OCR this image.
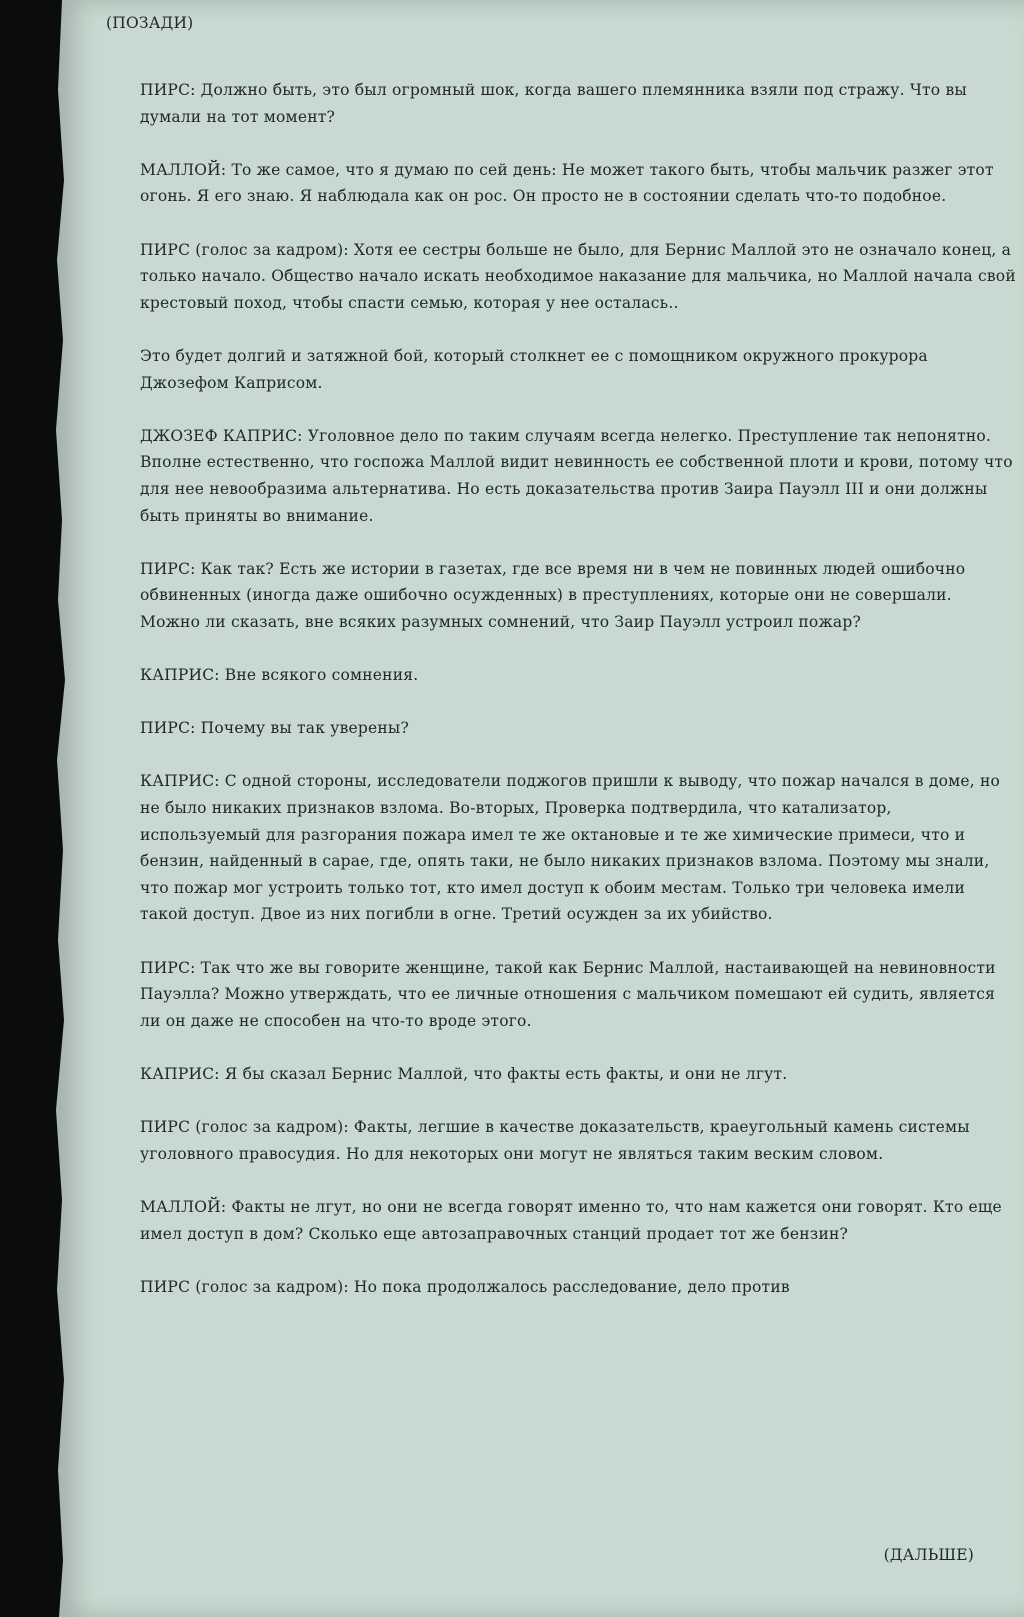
(ПОЗАДИ)

ПИРС: Должно быть, это был огромный шок, когда вашего племянника взяли под стражу. Что вы думали на тот момент?

МАЛЛОЙ: То же самое, что я думаю по сей день: Не может такого быть, чтобы мальчик разжег этот огонь. Я его знаю. Я наблюдала как он рос. Он просто не в состоянии сделать что-то подобное.

ПИРС (голос за кадром): Хотя ее сестры больше не было, для Бернис Маллой это не означало конец, а только начало. Общество начало искать необходимое наказание для мальчика, но Маллой начала свой крестовый поход, чтобы спасти семью, которая у нее осталась..

Это будет долгий и затяжной бой, который столкнет ее с помощником окружного прокурора Джозефом Каприсом.

ДЖОЗЕФ КАПРИС: Уголовное дело по таким случаям всегда нелегко. Преступление так непонятно. Вполне естественно, что госпожа Маллой видит невинность ее собственной плоти и крови, потому что для нее невообразима альтернатива. Но есть доказательства против Заира Пауэлл III и они должны быть приняты во внимание.

ПИРС: Как так? Есть же истории в газетах, где все время ни в чем не повинных людей ошибочно обвиненных (иногда даже ошибочно осужденных) в преступлениях, которые они не совершали. Можно ли сказать, вне всяких разумных сомнений, что Заир Пауэлл устроил пожар?

КАПРИС: Вне всякого сомнения.

ПИРС: Почему вы так уверены?

КАПРИС: С одной стороны, исследователи поджогов пришли к выводу, что пожар начался в доме, но не было никаких признаков взлома. Во-вторых, Проверка подтвердила, что катализатор, используемый для разгорания пожара имел те же октановые и те же химические примеси, что и бензин, найденный в сарае, где, опять таки, не было никаких признаков взлома. Поэтому мы знали, что пожар мог устроить только тот, кто имел доступ к обоим местам. Только три человека имели такой доступ. Двое из них погибли в огне. Третий осужден за их убийство.

ПИРС: Так что же вы говорите женщине, такой как Бернис Маллой, настаивающей на невиновности Пауэлла? Можно утверждать, что ее личные отношения с мальчиком помешают ей судить, является ли он даже не способен на что-то вроде этого.

КАПРИС: Я бы сказал Бернис Маллой, что факты есть факты, и они не лгут.

ПИРС (голос за кадром): Факты, легшие в качестве доказательств, краеугольный камень системы уголовного правосудия. Но для некоторых они могут не являться таким веским словом.

МАЛЛОЙ: Факты не лгут, но они не всегда говорят именно то, что нам кажется они говорят. Кто еще имел доступ в дом? Сколько еще автозаправочных станций продает тот же бензин?

ПИРС (голос за кадром): Но пока продолжалось расследование, дело против

(ДАЛЬШЕ)
